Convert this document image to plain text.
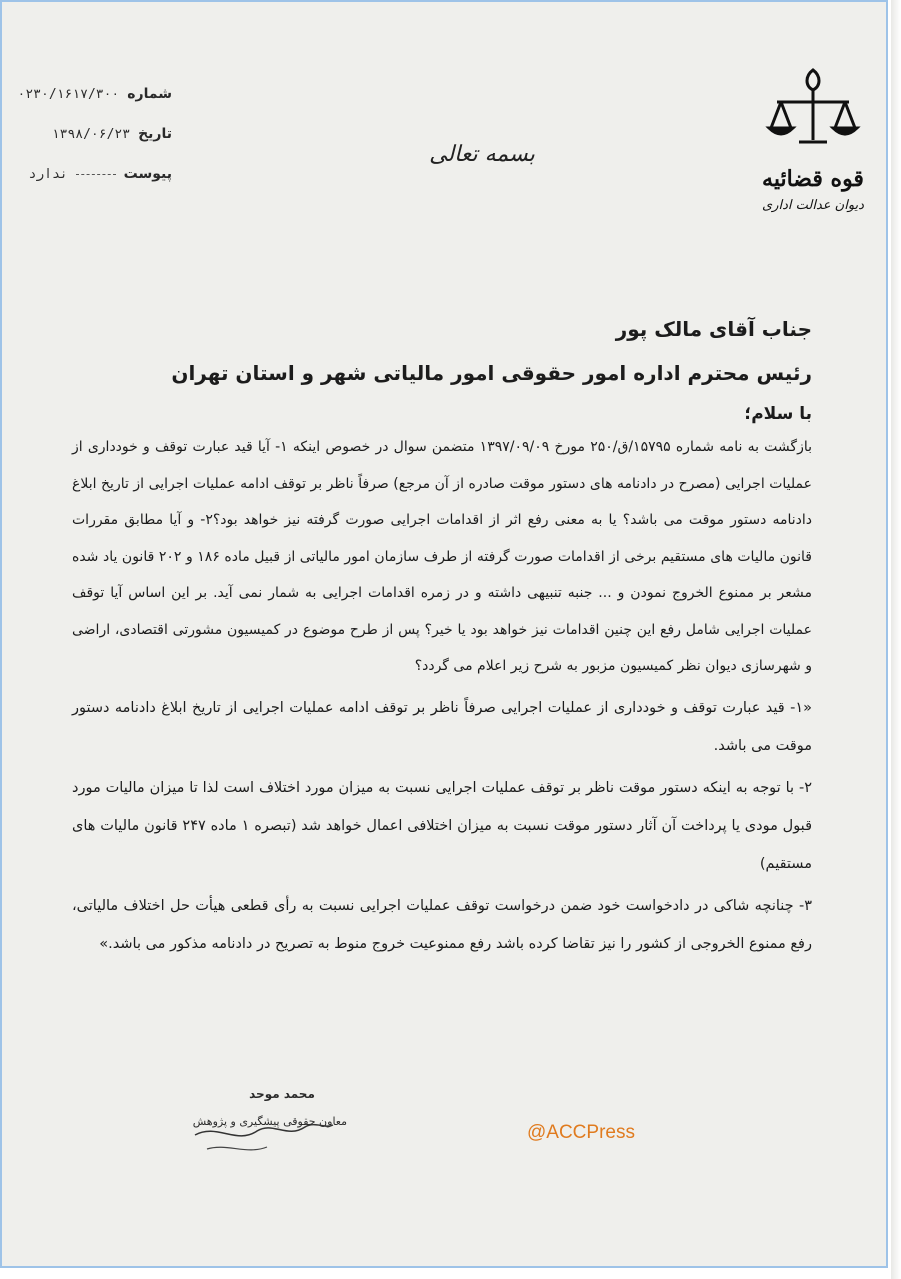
شماره
۰۲۳۰/۱۶۱۷/۳۰۰
تاریخ
۱۳۹۸/۰۶/۲۳
پیوست
ندارد
بسمه تعالی
قوه قضائیه
دیوان عدالت اداری
جناب آقای مالک پور
رئیس محترم اداره امور حقوقی امور مالیاتی شهر و استان تهران
با سلام؛

بازگشت به نامه شماره ۱۵۷۹۵/ق/۲۵۰ مورخ ۱۳۹۷/۰۹/۰۹ متضمن سوال در خصوص اینکه ۱- آیا قید عبارت توقف و خودداری از عملیات اجرایی (مصرح در دادنامه های دستور موقت صادره از آن مرجع) صرفاً ناظر بر توقف ادامه عملیات اجرایی از تاریخ ابلاغ دادنامه دستور موقت می باشد؟ یا به معنی رفع اثر از اقدامات اجرایی صورت گرفته نیز خواهد بود؟۲- و آیا مطابق مقررات قانون مالیات های مستقیم برخی از اقدامات صورت گرفته از طرف سازمان امور مالیاتی از قبیل ماده ۱۸۶ و ۲۰۲ قانون یاد شده مشعر بر ممنوع الخروج نمودن و ... جنبه تنبیهی داشته و در زمره اقدامات اجرایی به شمار نمی آید. بر این اساس آیا توقف عملیات اجرایی شامل رفع این چنین اقدامات نیز خواهد بود یا خیر؟ پس از طرح موضوع در کمیسیون مشورتی اقتصادی، اراضی و شهرسازی دیوان نظر کمیسیون مزبور به شرح زیر اعلام می گردد؟

«۱- قید عبارت توقف و خودداری از عملیات اجرایی صرفاً ناظر بر توقف ادامه عملیات اجرایی از تاریخ ابلاغ دادنامه دستور موقت می باشد.

۲- با توجه به اینکه دستور موقت ناظر بر توقف عملیات اجرایی نسبت به میزان مورد اختلاف است لذا تا میزان مالیات مورد قبول مودی یا پرداخت آن آثار دستور موقت نسبت به میزان اختلافی اعمال خواهد شد (تبصره ۱ ماده ۲۴۷ قانون مالیات های مستقیم)

۳- چنانچه شاکی در دادخواست خود ضمن درخواست توقف عملیات اجرایی نسبت به رأی قطعی هیأت حل اختلاف مالیاتی، رفع ممنوع الخروجی از کشور را نیز تقاضا کرده باشد رفع ممنوعیت خروج منوط به تصریح در دادنامه مذکور می باشد.»

محمد موحد
معاون حقوقی پیشگیری و پژوهش
@ACCPress
